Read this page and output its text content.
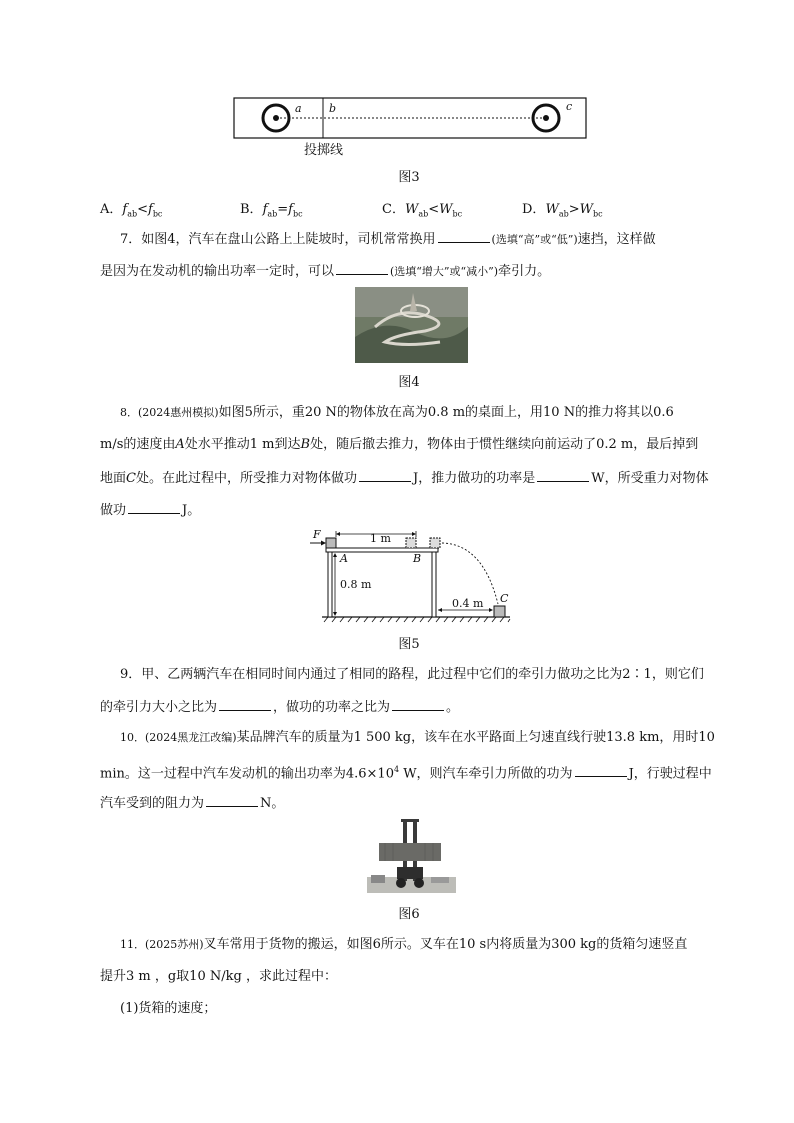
a b	c
投掷线
图3
A．$f_{ab}<f_{bc}$	B．$f_{ab}=f_{bc}$	C．$W_{ab}<W_{bc}$	D．$W_{ab}>W_{bc}$
7．如图4，汽车在盘山公路上上陡坡时，司机常常换用	(选填“高”或“低”)速挡，这样做
是因为在发动机的输出功率一定时，可以	(选填“增大”或“减小”)牵引力。
图4
8．(2024惠州模拟)如图5所示，重20 N的物体放在高为0.8 m的桌面上，用10 N的推力将其以0.6
m/s的速度由A处水平推动1 m到达B处，随后撤去推力，物体由于惯性继续向前运动了0.2 m，最后掉到
地面C处。在此过程中，所受推力对物体做功	J，推力做功的功率是	W，所受重力对物体
做功	J。
F	1 m
A	B
0.8 m
0.4 m C
图5
9．甲、乙两辆汽车在相同时间内通过了相同的路程，此过程中它们的牵引力做功之比为2∶1，则它们
的牵引力大小之比为	，做功的功率之比为	。
10．(2024黑龙江改编)某品牌汽车的质量为1 500 kg，该车在水平路面上匀速直线行驶13.8 km，用时10
min。这一过程中汽车发动机的输出功率为$4.6\times 10^4$ W，则汽车牵引力所做的功为	J，行驶过程中
汽车受到的阻力为	N。
图6
11．(2025苏州)叉车常用于货物的搬运，如图6所示。叉车在10 s内将质量为300 kg的货箱匀速竖直
提升3 m ，g取10 N/kg ，求此过程中：
(1)货箱的速度；
